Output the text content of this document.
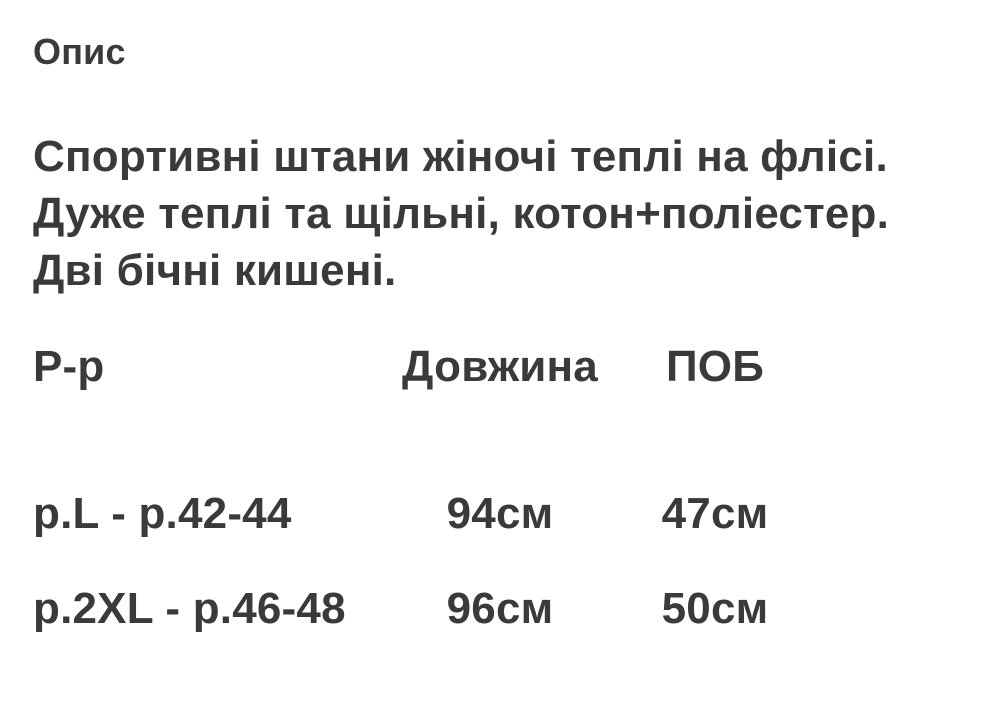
Опис
Спортивні штани жіночі теплі на флісі.
Дуже теплі та щільні, котон+поліестер.
Дві бічні кишені.
Р-р	Довжина	ПОБ
р.L - р.42-44	94см	47см
р.2XL - р.46-48	96см	50см
